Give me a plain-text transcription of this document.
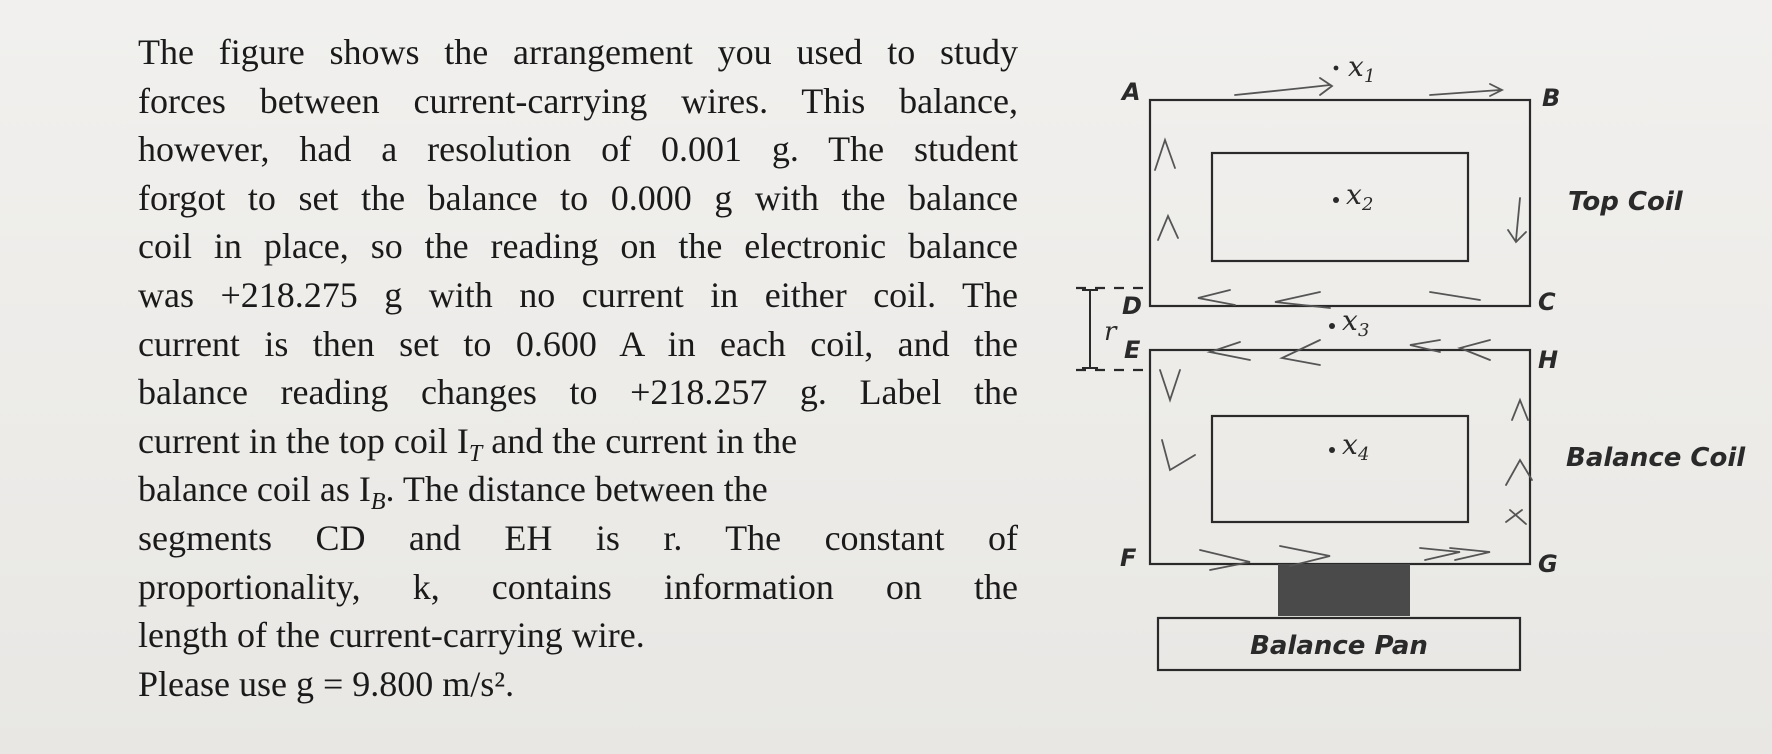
The figure shows the arrangement you used to study
forces between current-carrying wires. This balance,
however, had a resolution of 0.001 g. The student
forgot to set the balance to 0.000 g with the balance
coil in place, so the reading on the electronic balance
was +218.275 g with no current in either coil. The
current is then set to 0.600 A in each coil, and the
balance reading changes to +218.257 g. Label the
current in the top coil $I_T$ and the current in the
balance coil as $I_B$. The distance between the
segments CD and EH is r. The constant of
proportionality, k, contains information on the
length of the current-carrying wire.
Please use g = 9.800 m/s².
A	B
C
D
E	H
F	G
x 1
x 2
x 3
x 4
r
Top Coil
Balance Coil
Balance Pan
